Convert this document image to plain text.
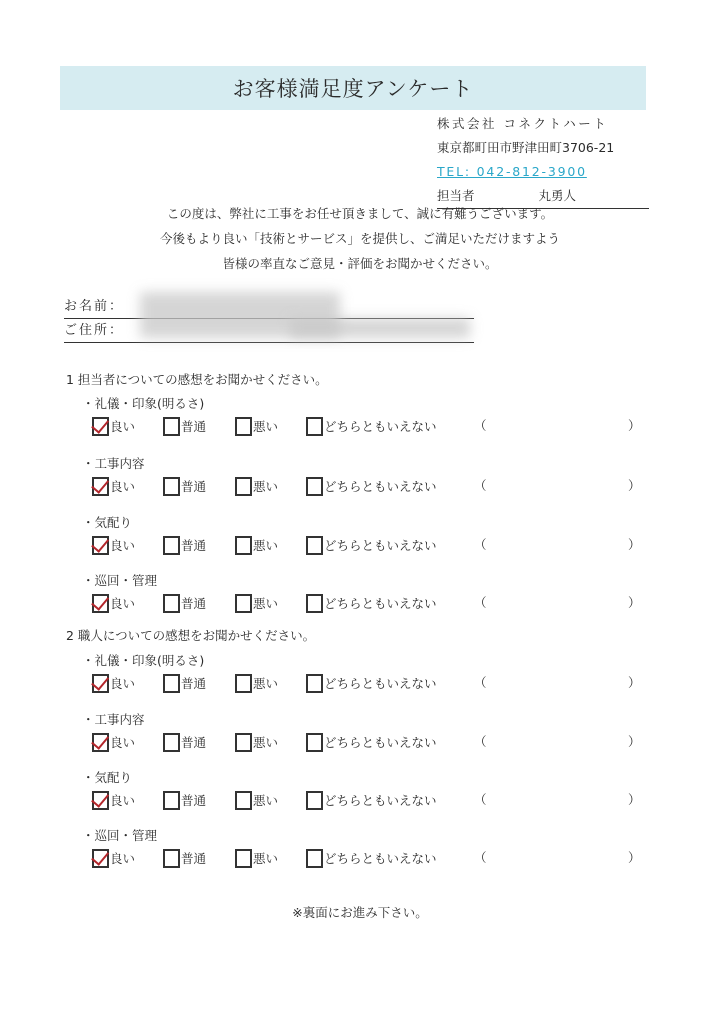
お客様満足度アンケート
株式会社 コネクトハート
東京都町田市野津田町3706-21
TEL: 042-812-3900
担当者	丸勇人
この度は、弊社に工事をお任せ頂きまして、誠に有難うございます。
今後もより良い「技術とサービス」を提供し、ご満足いただけますよう
皆様の率直なご意見・評価をお聞かせください。
お名前：
ご住所：
1 担当者についての感想をお聞かせください。
・礼儀・印象(明るさ)
良い	普通	悪い	どちらともいえない	（	）
・工事内容
良い	普通	悪い	どちらともいえない	（	）
・気配り
良い	普通	悪い	どちらともいえない	（	）
・巡回・管理
良い	普通	悪い	どちらともいえない	（	）
2 職人についての感想をお聞かせください。
・礼儀・印象(明るさ)
良い	普通	悪い	どちらともいえない	（	）
・工事内容
良い	普通	悪い	どちらともいえない	（	）
・気配り
良い	普通	悪い	どちらともいえない	（	）
・巡回・管理
良い	普通	悪い	どちらともいえない	（	）
※裏面にお進み下さい。
